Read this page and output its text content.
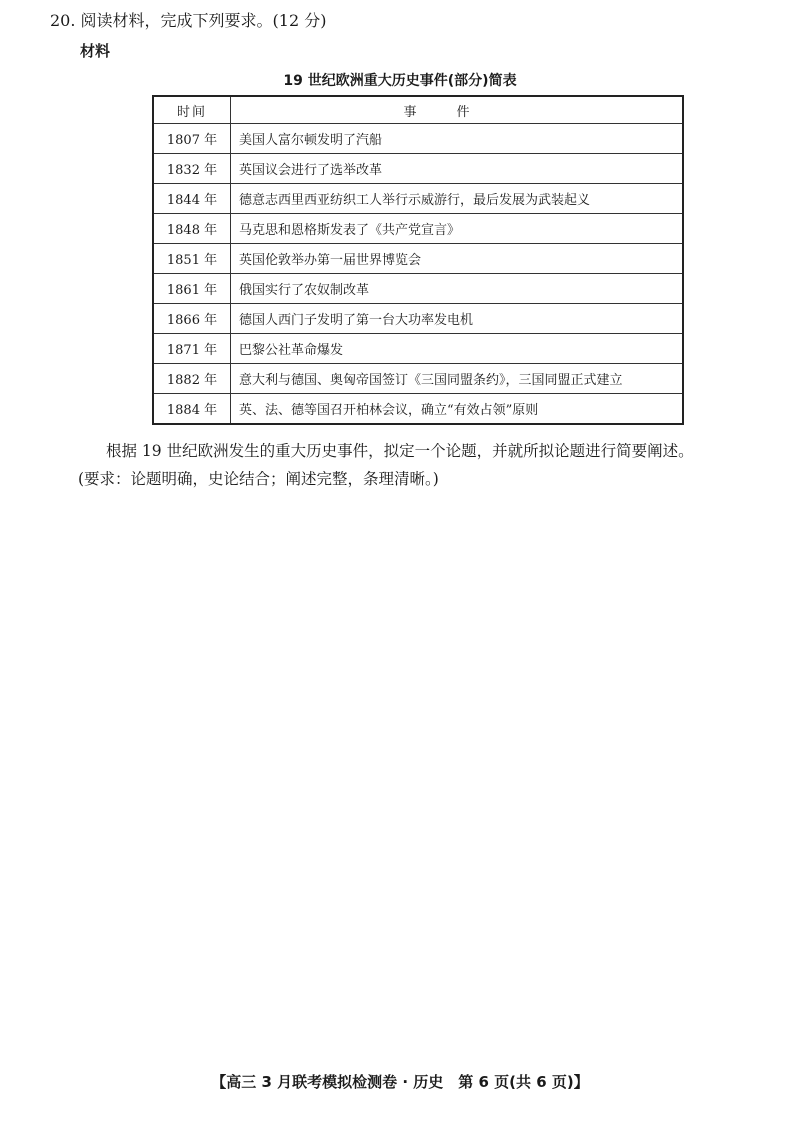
20. 阅读材料，完成下列要求。(12 分)
材料
19 世纪欧洲重大历史事件(部分)简表
时间	事件
1807 年	美国人富尔顿发明了汽船
1832 年	英国议会进行了选举改革
1844 年	德意志西里西亚纺织工人举行示威游行，最后发展为武装起义
1848 年	马克思和恩格斯发表了《共产党宣言》
1851 年	英国伦敦举办第一届世界博览会
1861 年	俄国实行了农奴制改革
1866 年	德国人西门子发明了第一台大功率发电机
1871 年	巴黎公社革命爆发
1882 年	意大利与德国、奥匈帝国签订《三国同盟条约》，三国同盟正式建立
1884 年	英、法、德等国召开柏林会议，确立“有效占领”原则
根据 19 世纪欧洲发生的重大历史事件，拟定一个论题，并就所拟论题进行简要阐述。
(要求：论题明确，史论结合；阐述完整，条理清晰。)
【高三 3 月联考模拟检测卷 · 历史　第 6 页(共 6 页)】
